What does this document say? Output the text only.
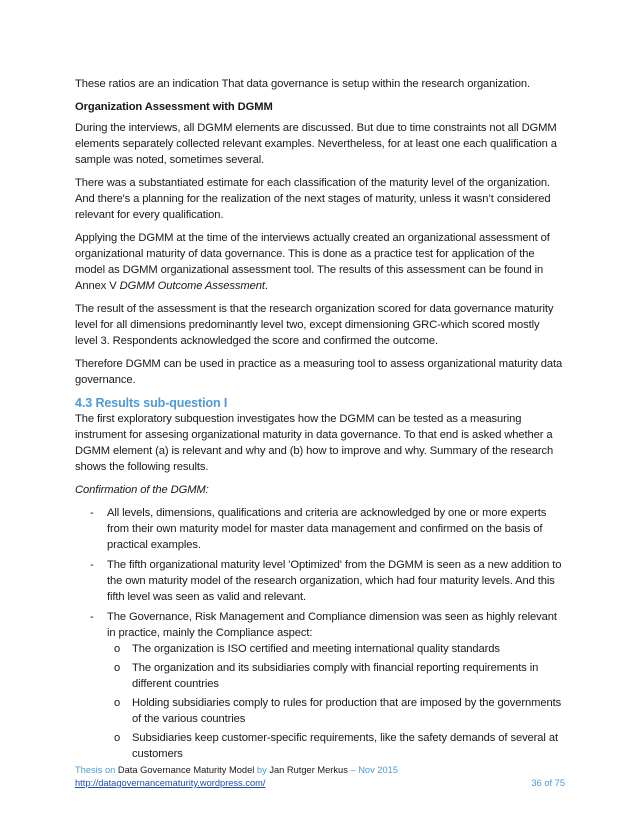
These ratios are an indication That data governance is setup within the research organization.

Organization Assessment with DGMM

During the interviews, all DGMM elements are discussed. But due to time constraints not all DGMM elements separately collected relevant examples. Nevertheless, for at least one each qualification a sample was noted, sometimes several.

There was a substantiated estimate for each classification of the maturity level of the organization. And there's a planning for the realization of the next stages of maturity, unless it wasn’t considered relevant for every qualification.

Applying the DGMM at the time of the interviews actually created an organizational assessment of organizational maturity of data governance. This is done as a practice test for application of the model as DGMM organizational assessment tool. The results of this assessment can be found in Annex V DGMM Outcome Assessment.

The result of the assessment is that the research organization scored for data governance maturity level for all dimensions predominantly level two, except dimensioning GRC-which scored mostly level 3. Respondents acknowledged the score and confirmed the outcome.

Therefore DGMM can be used in practice as a measuring tool to assess organizational maturity data governance.

4.3 Results sub-question I

The first exploratory subquestion investigates how the DGMM can be tested as a measuring instrument for assesing organizational maturity in data governance. To that end is asked whether a DGMM element (a) is relevant and why and (b) how to improve and why. Summary of the research shows the following results.

Confirmation of the DGMM:

- All levels, dimensions, qualifications and criteria are acknowledged by one or more experts from their own maturity model for master data management and confirmed on the basis of practical examples.
- The fifth organizational maturity level 'Optimized' from the DGMM is seen as a new addition to the own maturity model of the research organization, which had four maturity levels. And this fifth level was seen as valid and relevant.
- The Governance, Risk Management and Compliance dimension was seen as highly relevant in practice, mainly the Compliance aspect:
o The organization is ISO certified and meeting international quality standards
o The organization and its subsidiaries comply with financial reporting requirements in different countries
o Holding subsidiaries comply to rules for production that are imposed by the governments of the various countries
o Subsidiaries keep customer-specific requirements, like the safety demands of several at customers
Thesis on Data Governance Maturity Model by Jan Rutger Merkus – Nov 2015
http://datagovernancematurity.wordpress.com/	36 of 75
